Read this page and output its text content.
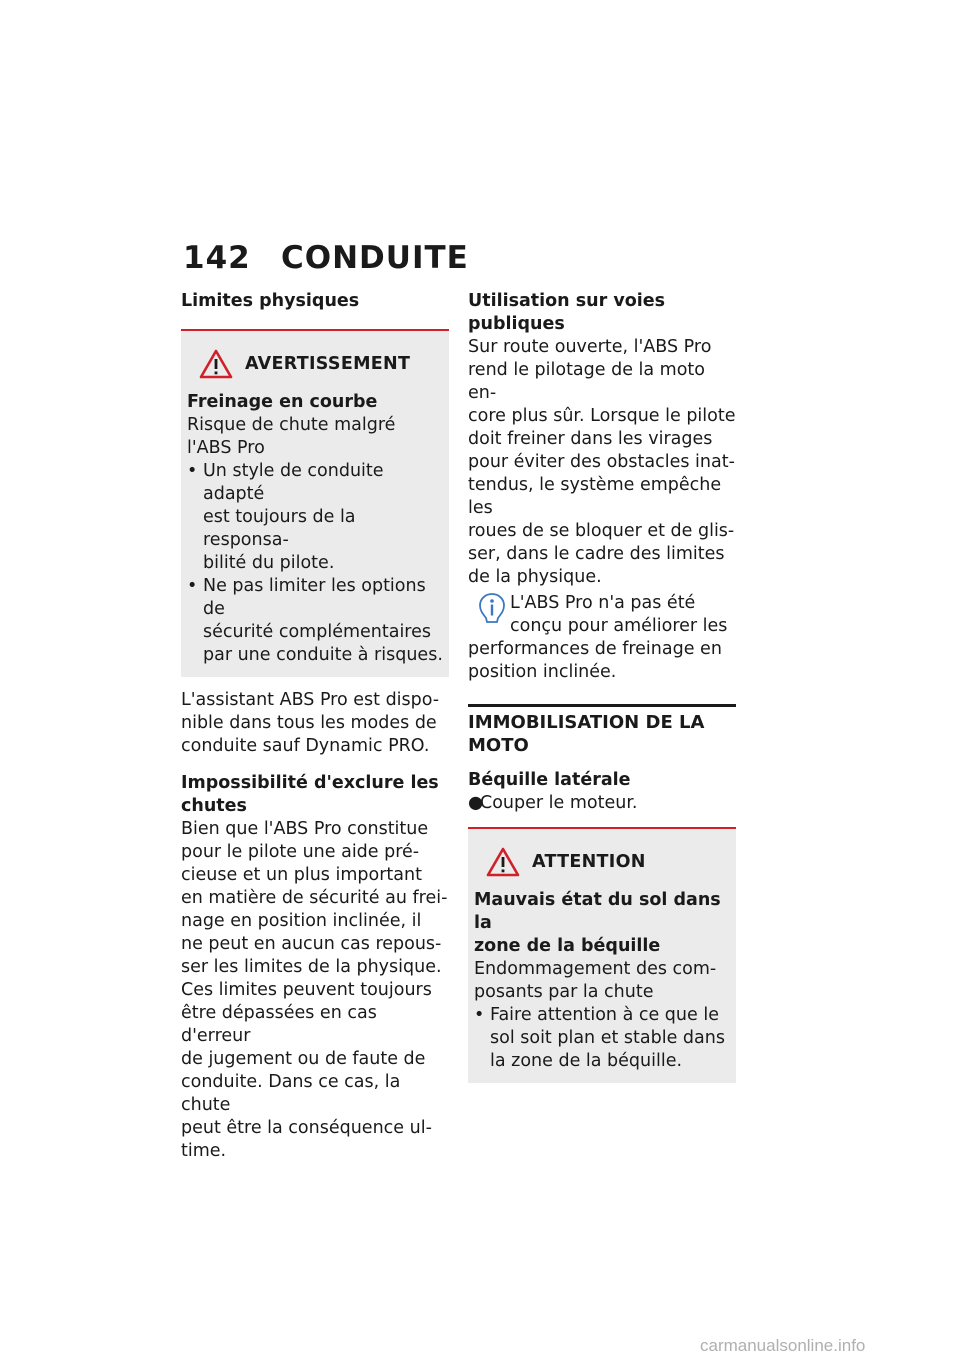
142 CONDUITE

Limites physiques

AVERTISSEMENT

Freinage en courbe

Risque de chute malgré

l'ABS Pro

• Un style de conduite adapté
est toujours de la responsa-
bilité du pilote.
• Ne pas limiter les options de
sécurité complémentaires
par une conduite à risques.

L'assistant ABS Pro est dispo-

nible dans tous les modes de

conduite sauf Dynamic PRO.

Impossibilité d'exclure les

chutes

Bien que l'ABS Pro constitue

pour le pilote une aide pré-

cieuse et un plus important

en matière de sécurité au frei-

nage en position inclinée, il

ne peut en aucun cas repous-

ser les limites de la physique.

Ces limites peuvent toujours

être dépassées en cas d'erreur

de jugement ou de faute de

conduite. Dans ce cas, la chute

peut être la conséquence ul-

time.

Utilisation sur voies publiques

Sur route ouverte, l'ABS Pro

rend le pilotage de la moto en-

core plus sûr. Lorsque le pilote

doit freiner dans les virages

pour éviter des obstacles inat-

tendus, le système empêche les

roues de se bloquer et de glis-

ser, dans le cadre des limites

de la physique.

L'ABS Pro n'a pas été

conçu pour améliorer les

performances de freinage en

position inclinée.

IMMOBILISATION DE LA

MOTO

Béquille latérale

●
Couper le moteur.
ATTENTION

Mauvais état du sol dans la

zone de la béquille

Endommagement des com-

posants par la chute

• Faire attention à ce que le
sol soit plan et stable dans
la zone de la béquille.
carmanualsonline.info
